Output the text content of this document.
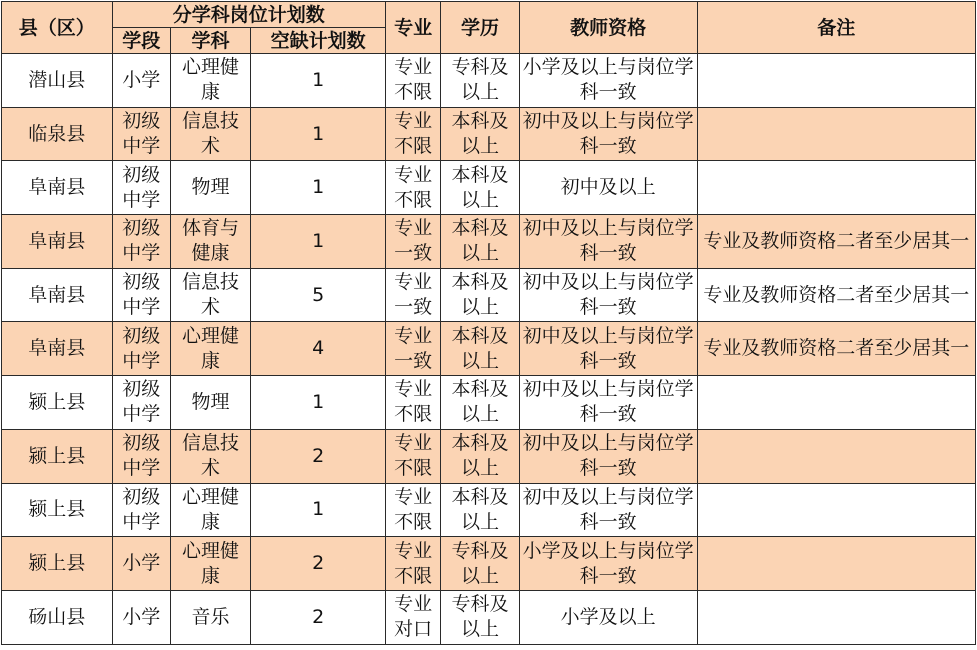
县（区）	分学科岗位计划数			专业	学历	教师资格	备注
	学段	学科	空缺计划数				
潜山县	小学	心理健康	1	专业不限	专科及以上	小学及以上与岗位学科一致	
临泉县	初级中学	信息技术	1	专业不限	本科及以上	初中及以上与岗位学科一致	
阜南县	初级中学	物理	1	专业不限	本科及以上	初中及以上	
阜南县	初级中学	体育与健康	1	专业一致	本科及以上	初中及以上与岗位学科一致	专业及教师资格二者至少居其一
阜南县	初级中学	信息技术	5	专业一致	本科及以上	初中及以上与岗位学科一致	专业及教师资格二者至少居其一
阜南县	初级中学	心理健康	4	专业一致	本科及以上	初中及以上与岗位学科一致	专业及教师资格二者至少居其一
颍上县	初级中学	物理	1	专业不限	本科及以上	初中及以上与岗位学科一致	
颍上县	初级中学	信息技术	2	专业不限	本科及以上	初中及以上与岗位学科一致	
颍上县	初级中学	心理健康	1	专业不限	本科及以上	初中及以上与岗位学科一致	
颍上县	小学	心理健康	2	专业不限	专科及以上	小学及以上与岗位学科一致	
砀山县	小学	音乐	2	专业对口	专科及以上	小学及以上	
